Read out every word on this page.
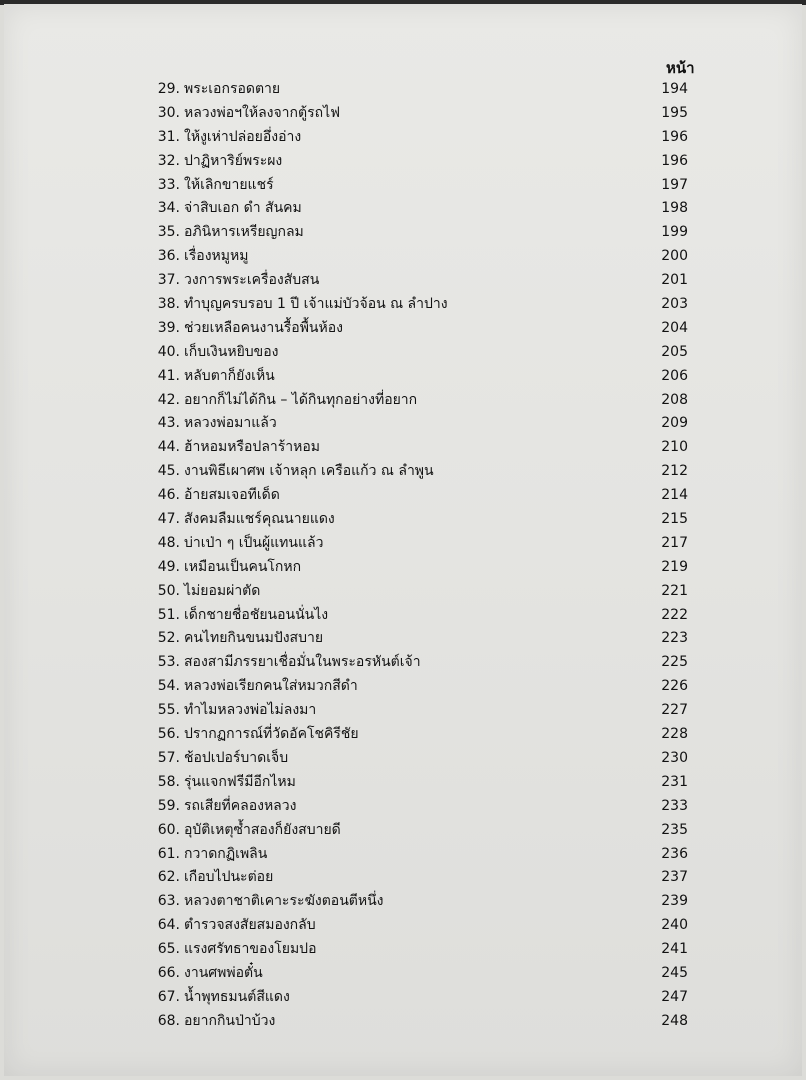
หน้า
29. พระเอกรอดตาย	194
30. หลวงพ่อฯให้ลงจากตู้รถไฟ	195
31. ให้งูเห่าปล่อยอึ่งอ่าง	196
32. ปาฏิหาริย์พระผง	196
33. ให้เลิกขายแชร์	197
34. จ่าสิบเอก ดำ สันคม	198
35. อภินิหารเหรียญกลม	199
36. เรื่องหมูหมู	200
37. วงการพระเครื่องสับสน	201
38. ทำบุญครบรอบ 1 ปี เจ้าแม่บัวจ้อน ณ ลำปาง	203
39. ช่วยเหลือคนงานรื้อพื้นห้อง	204
40. เก็บเงินหยิบของ	205
41. หลับตาก็ยังเห็น	206
42. อยากก็ไม่ได้กิน – ได้กินทุกอย่างที่อยาก	208
43. หลวงพ่อมาแล้ว	209
44. ฮ้าหอมหรือปลาร้าหอม	210
45. งานพิธีเผาศพ เจ้าหลุก เครือแก้ว ณ ลำพูน	212
46. อ้ายสมเจอทีเด็ด	214
47. สังคมลืมแชร์คุณนายแดง	215
48. บ่าเป่า ๆ เป็นผู้แทนแล้ว	217
49. เหมือนเป็นคนโกหก	219
50. ไม่ยอมผ่าตัด	221
51. เด็กชายชื่อชัยนอนนั่นไง	222
52. คนไทยกินขนมปังสบาย	223
53. สองสามีภรรยาเชื่อมั่นในพระอรหันต์เจ้า	225
54. หลวงพ่อเรียกคนใส่หมวกสีดำ	226
55. ทำไมหลวงพ่อไม่ลงมา	227
56. ปรากฏการณ์ที่วัดอัคโชคิรีชัย	228
57. ช้อปเปอร์บาดเจ็บ	230
58. รุ่นแจกฟรีมีอีกไหม	231
59. รถเสียที่คลองหลวง	233
60. อุบัติเหตุซ้ำสองก็ยังสบายดี	235
61. กวาดกฏิเพลิน	236
62. เกือบไปนะต่อย	237
63. หลวงตาชาติเคาะระฆังตอนตีหนึ่ง	239
64. ตำรวจสงสัยสมองกลับ	240
65. แรงศรัทธาของโยมปอ	241
66. งานศพพ่อตั๋น	245
67. น้ำพุทธมนต์สีแดง	247
68. อยากกินป่าบ้วง	248
